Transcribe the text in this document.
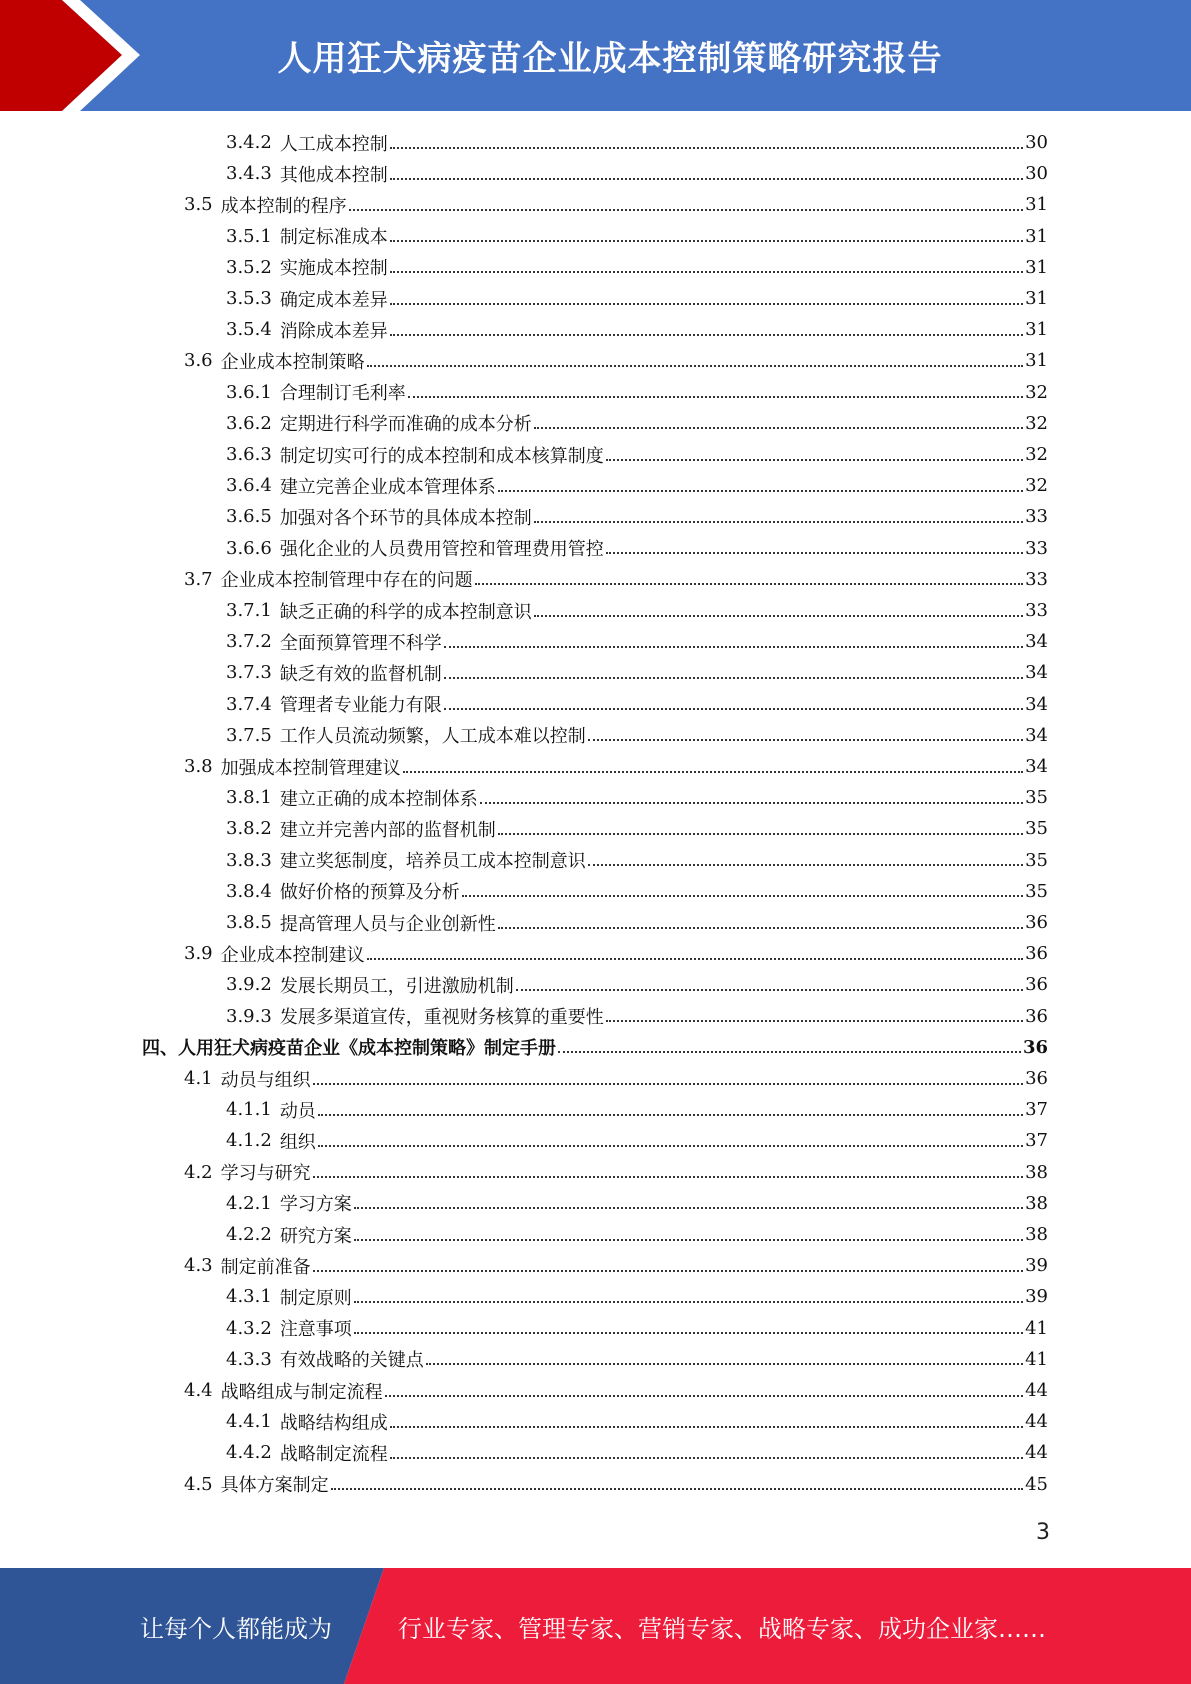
人用狂犬病疫苗企业成本控制策略研究报告
3.4.2 人工成本控制	30
3.4.3 其他成本控制	30
3.5 成本控制的程序	31
3.5.1 制定标准成本	31
3.5.2 实施成本控制	31
3.5.3 确定成本差异	31
3.5.4 消除成本差异	31
3.6 企业成本控制策略	31
3.6.1 合理制订毛利率	32
3.6.2 定期进行科学而准确的成本分析	32
3.6.3 制定切实可行的成本控制和成本核算制度	32
3.6.4 建立完善企业成本管理体系	32
3.6.5 加强对各个环节的具体成本控制	33
3.6.6 强化企业的人员费用管控和管理费用管控	33
3.7 企业成本控制管理中存在的问题	33
3.7.1 缺乏正确的科学的成本控制意识	33
3.7.2 全面预算管理不科学	34
3.7.3 缺乏有效的监督机制	34
3.7.4 管理者专业能力有限	34
3.7.5 工作人员流动频繁，人工成本难以控制	34
3.8 加强成本控制管理建议	34
3.8.1 建立正确的成本控制体系	35
3.8.2 建立并完善内部的监督机制	35
3.8.3 建立奖惩制度，培养员工成本控制意识	35
3.8.4 做好价格的预算及分析	35
3.8.5 提高管理人员与企业创新性	36
3.9 企业成本控制建议	36
3.9.2 发展长期员工，引进激励机制	36
3.9.3 发展多渠道宣传，重视财务核算的重要性	36
四、人用狂犬病疫苗企业《成本控制策略》制定手册	36
4.1 动员与组织	36
4.1.1 动员	37
4.1.2 组织	37
4.2 学习与研究	38
4.2.1 学习方案	38
4.2.2 研究方案	38
4.3 制定前准备	39
4.3.1 制定原则	39
4.3.2 注意事项	41
4.3.3 有效战略的关键点	41
4.4 战略组成与制定流程	44
4.4.1 战略结构组成	44
4.4.2 战略制定流程	44
4.5 具体方案制定	45
3
让每个人都能成为	行业专家、管理专家、营销专家、战略专家、成功企业家……
